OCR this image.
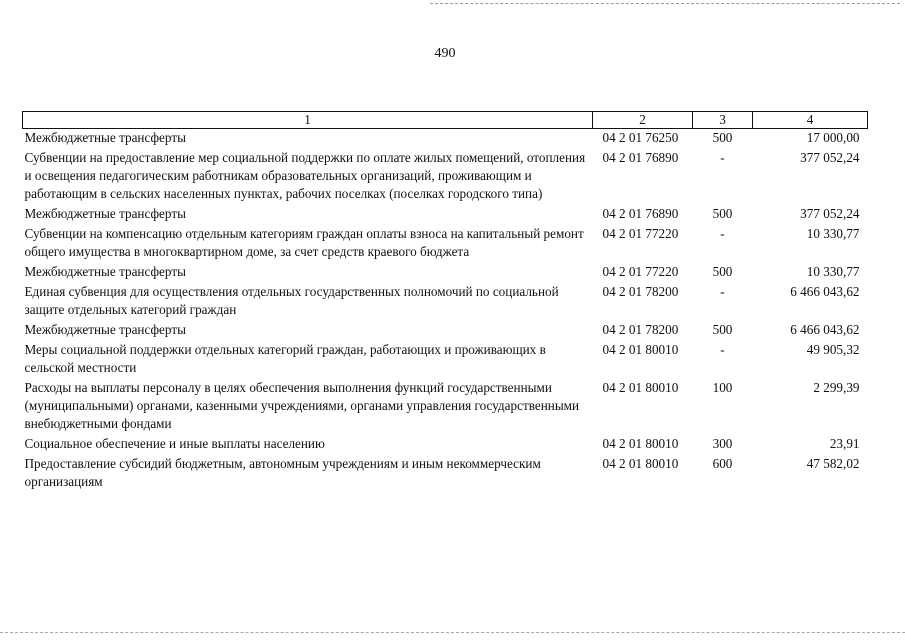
490
1	2	3	4
Межбюджетные трансферты	04 2 01 76250	500	17 000,00
Субвенции на предоставление мер социальной поддержки по оплате жилых помещений, отопления и освещения педагогическим работникам образовательных организаций, проживающим и работающим в сельских населенных пунктах, рабочих поселках (поселках городского типа)	04 2 01 76890	-	377 052,24
Межбюджетные трансферты	04 2 01 76890	500	377 052,24
Субвенции на компенсацию отдельным категориям граждан оплаты взноса на капитальный ремонт общего имущества в многоквартирном доме, за счет средств краевого бюджета	04 2 01 77220	-	10 330,77
Межбюджетные трансферты	04 2 01 77220	500	10 330,77
Единая субвенция для осуществления отдельных государственных полномочий по социальной защите отдельных категорий граждан	04 2 01 78200	-	6 466 043,62
Межбюджетные трансферты	04 2 01 78200	500	6 466 043,62
Меры социальной поддержки отдельных категорий граждан, работающих и проживающих в сельской местности	04 2 01 80010	-	49 905,32
Расходы на выплаты персоналу в целях обеспечения выполнения функций государственными (муниципальными) органами, казенными учреждениями, органами управления государственными внебюджетными фондами	04 2 01 80010	100	2 299,39
Социальное обеспечение и иные выплаты населению	04 2 01 80010	300	23,91
Предоставление субсидий бюджетным, автономным учреждениям и иным некоммерческим организациям	04 2 01 80010	600	47 582,02
